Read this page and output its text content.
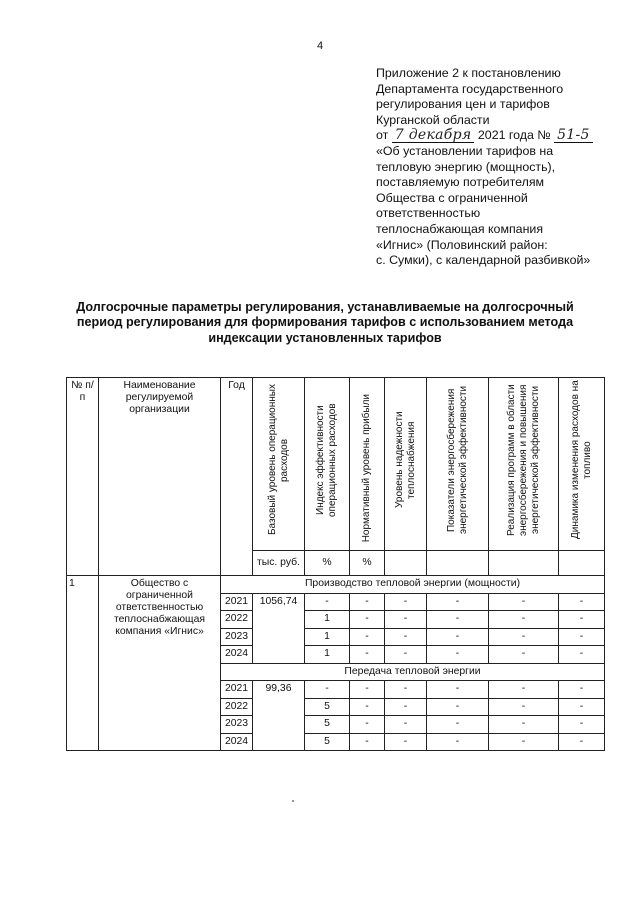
4
Приложение 2 к постановлению
Департамента государственного
регулирования цен и тарифов
Курганской области
от 7 декабря 2021 года № 51-5
«Об установлении тарифов на
тепловую энергию (мощность),
поставляемую потребителям
Общества с ограниченной
ответственностью
теплоснабжающая компания
«Игнис» (Половинский район:
с. Сумки), с календарной разбивкой»
Долгосрочные параметры регулирования, устанавливаемые на долгосрочный
период регулирования для формирования тарифов с использованием метода
индексации установленных тарифов
№ п/п	Наименование регулируемой организации	Год	Базовый уровень операционных расходов	Индекс эффективности операционных расходов	Нормативный уровень прибыли	Уровень надежности теплоснабжения	Показатели энергосбережения энергетической эффективности	Реализация программ в области энергосбережения и повышения энергетической эффективности	Динамика изменения расходов на топливо
			тыс. руб.	%	%				
1	Общество с ограниченной ответственностью теплоснабжающая компания «Игнис»	Производство тепловой энергии (мощности)							
		2021	1056,74	-	-	-	-	-	-
		2022		1	-	-	-	-	-
		2023		1	-	-	-	-	-
		2024		1	-	-	-	-	-
		Передача тепловой энергии							
		2021	99,36	-	-	-	-	-	-
		2022		5	-	-	-	-	-
		2023		5	-	-	-	-	-
		2024		5	-	-	-	-	-
